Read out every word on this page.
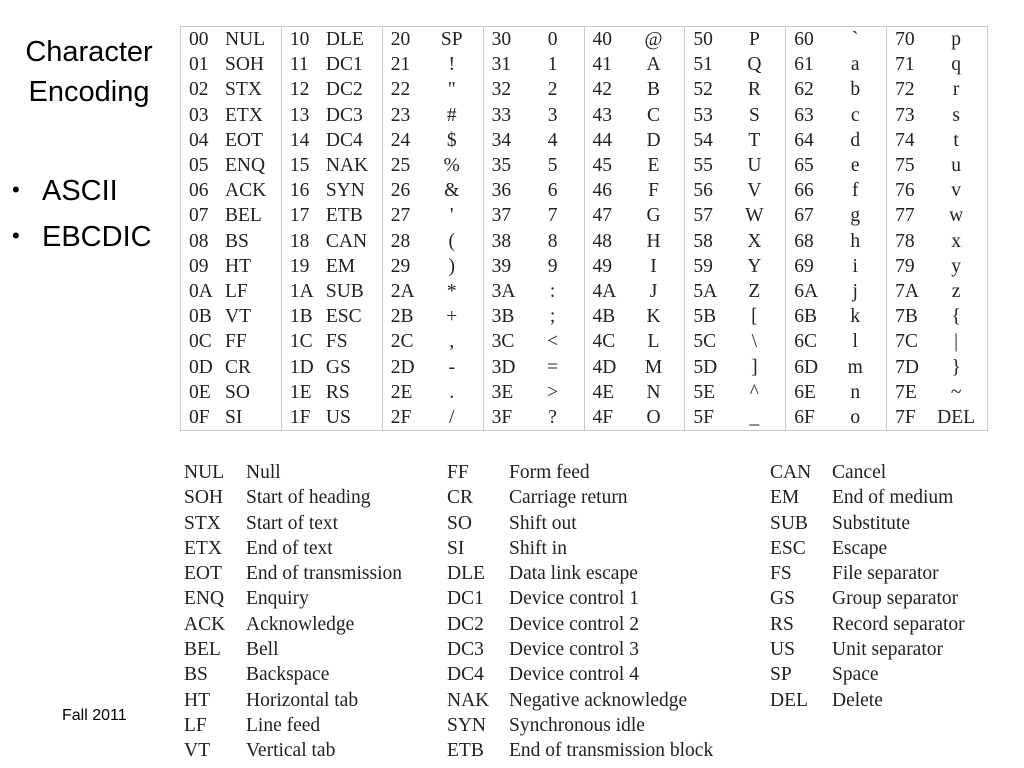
Character Encoding
• ASCII
• EBCDIC
00 NUL	10 DLE	20 SP	30 0	40 @	50 P	60 `	70 p
01 SOH	11 DC1	21 !	31 1	41 A	51 Q	61 a	71 q
02 STX	12 DC2	22 "	32 2	42 B	52 R	62 b	72 r
03 ETX	13 DC3	23 #	33 3	43 C	53 S	63 c	73 s
04 EOT	14 DC4	24 $	34 4	44 D	54 T	64 d	74 t
05 ENQ	15 NAK	25 %	35 5	45 E	55 U	65 e	75 u
06 ACK	16 SYN	26 &	36 6	46 F	56 V	66 f	76 v
07 BEL	17 ETB	27 '	37 7	47 G	57 W	67 g	77 w
08 BS	18 CAN	28 (	38 8	48 H	58 X	68 h	78 x
09 HT	19 EM	29 )	39 9	49 I	59 Y	69 i	79 y
0A LF	1A SUB	2A *	3A :	4A J	5A Z	6A j	7A z
0B VT	1B ESC	2B +	3B ;	4B K	5B [	6B k	7B {
0C FF	1C FS	2C ,	3C <	4C L	5C \	6C l	7C |
0D CR	1D GS	2D -	3D =	4D M	5D ]	6D m	7D }
0E SO	1E RS	2E .	3E >	4E N	5E ^	6E n	7E ~
0F SI	1F US	2F /	3F ?	4F O	5F _	6F o	7F DEL
NUL Null
SOH Start of heading
STX Start of text
ETX End of text
EOT End of transmission
ENQ Enquiry
ACK Acknowledge
BEL Bell
BS Backspace
HT Horizontal tab
LF Line feed
VT Vertical tab
FF Form feed
CR Carriage return
SO Shift out
SI Shift in
DLE Data link escape
DC1 Device control 1
DC2 Device control 2
DC3 Device control 3
DC4 Device control 4
NAK Negative acknowledge
SYN Synchronous idle
ETB End of transmission block
CAN Cancel
EM End of medium
SUB Substitute
ESC Escape
FS File separator
GS Group separator
RS Record separator
US Unit separator
SP Space
DEL Delete
Fall 2011
